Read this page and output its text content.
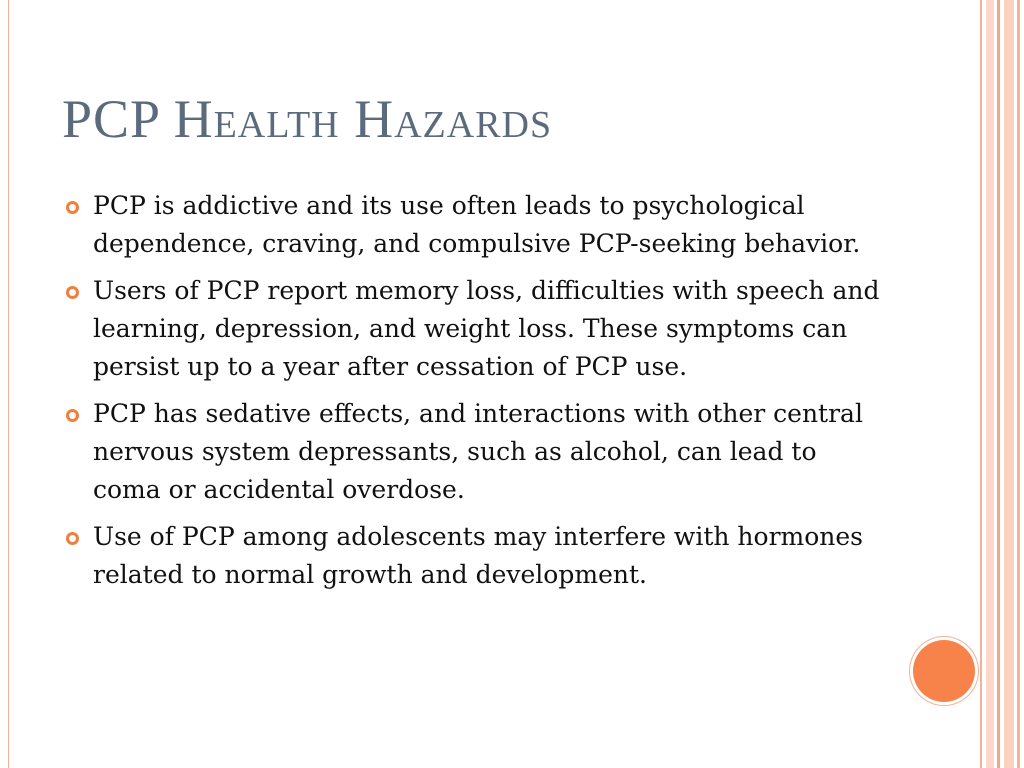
PCP Health Hazards
PCP is addictive and its use often leads to psychological dependence, craving, and compulsive PCP-seeking behavior.
Users of PCP report memory loss, difficulties with speech and learning, depression, and weight loss. These symptoms can persist up to a year after cessation of PCP use.
PCP has sedative effects, and interactions with other central nervous system depressants, such as alcohol, can lead to coma or accidental overdose.
Use of PCP among adolescents may interfere with hormones related to normal growth and development.
